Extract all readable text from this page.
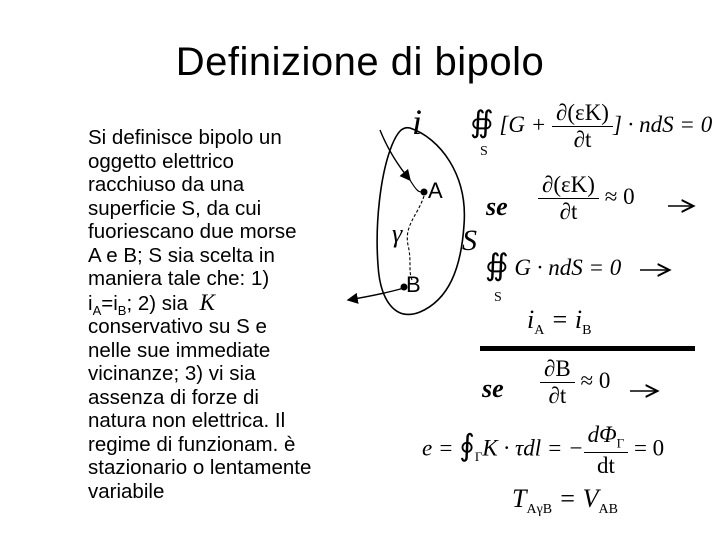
Definizione di bipolo
Si definisce bipolo un
oggetto elettrico
racchiuso da una
superficie S, da cui
fuoriescano due morse
A e B; S sia scelta in
maniera tale che: 1)
$i_A=i_B$; 2) sia K
conservativo su S e
nelle sue immediate
vicinanze; 3) vi sia
assenza di forze di
natura non elettrica. Il
regime di funzionam. è
stazionario o lentamente
variabile
i
A
B
γ S
∯ [$G + \frac{\partial(\varepsilon K)}{\partial t}$ ] · ndS = 0
S
se $\frac{\partial(\varepsilon K)}{\partial t} \approx 0$
∯ G · ndS = 0
S
$i_A = i_B$
se $\frac{\partial B}{\partial t} \approx 0$
$e = ∮_\Gamma K \cdot \tau dl$ = − $\frac{d\Phi_\Gamma}{dt} = 0$
$T_{A\gamma B} = V_{AB}$
